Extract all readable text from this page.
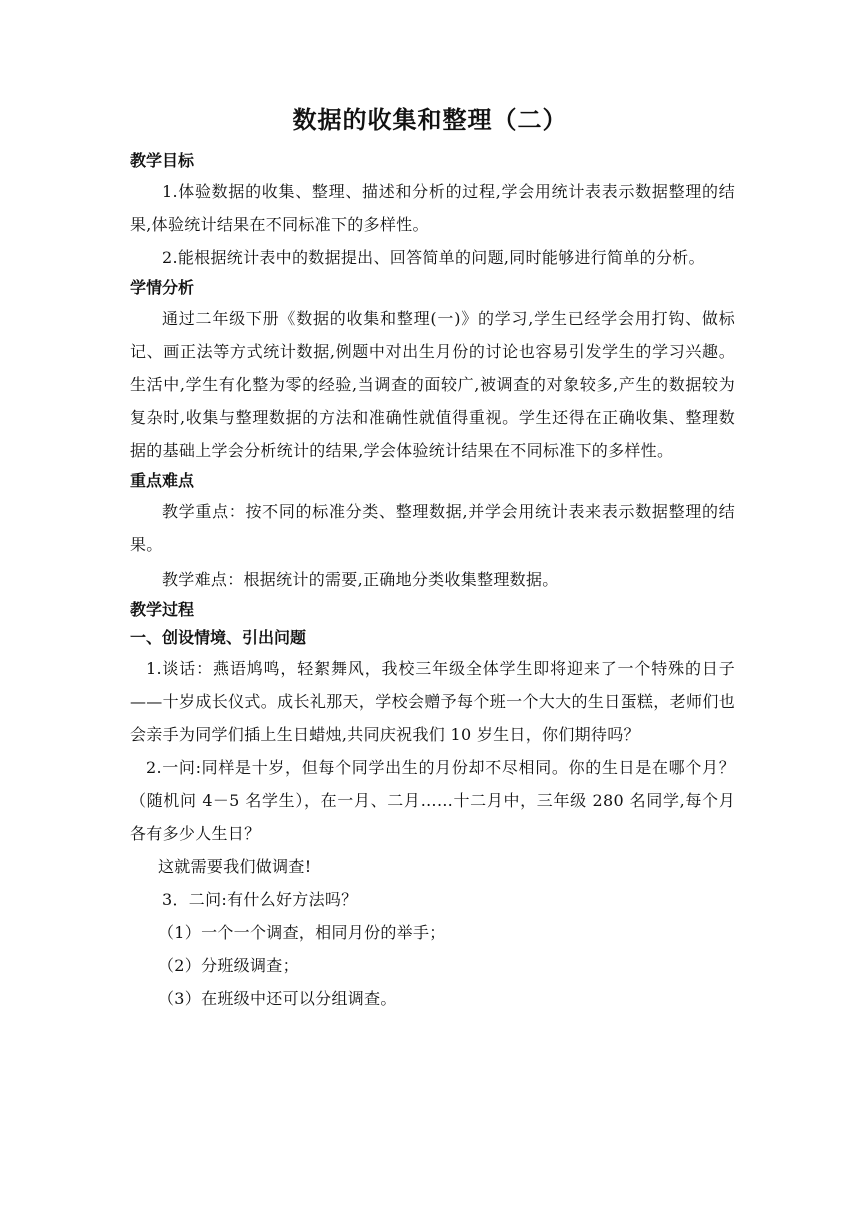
数据的收集和整理（二）
教学目标

1.体验数据的收集、整理、描述和分析的过程,学会用统计表表示数据整理的结果,体验统计结果在不同标准下的多样性。

2.能根据统计表中的数据提出、回答简单的问题,同时能够进行简单的分析。

学情分析

通过二年级下册《数据的收集和整理(一)》的学习,学生已经学会用打钩、做标记、画正法等方式统计数据,例题中对出生月份的讨论也容易引发学生的学习兴趣。生活中,学生有化整为零的经验,当调查的面较广,被调查的对象较多,产生的数据较为复杂时,收集与整理数据的方法和准确性就值得重视。学生还得在正确收集、整理数据的基础上学会分析统计的结果,学会体验统计结果在不同标准下的多样性。

重点难点

教学重点：按不同的标准分类、整理数据,并学会用统计表来表示数据整理的结果。

教学难点：根据统计的需要,正确地分类收集整理数据。

教学过程
一、创设情境、引出问题

1.谈话：燕语鸠鸣，轻絮舞风，我校三年级全体学生即将迎来了一个特殊的日子——十岁成长仪式。成长礼那天，学校会赠予每个班一个大大的生日蛋糕，老师们也会亲手为同学们插上生日蜡烛,共同庆祝我们 10 岁生日，你们期待吗？

2.一问:同样是十岁，但每个同学出生的月份却不尽相同。你的生日是在哪个月？（随机问 4－5 名学生），在一月、二月……十二月中，三年级 280 名同学,每个月各有多少人生日？

这就需要我们做调查!

3．二问:有什么好方法吗？

（1）一个一个调查，相同月份的举手；

（2）分班级调查；

（3）在班级中还可以分组调查。
